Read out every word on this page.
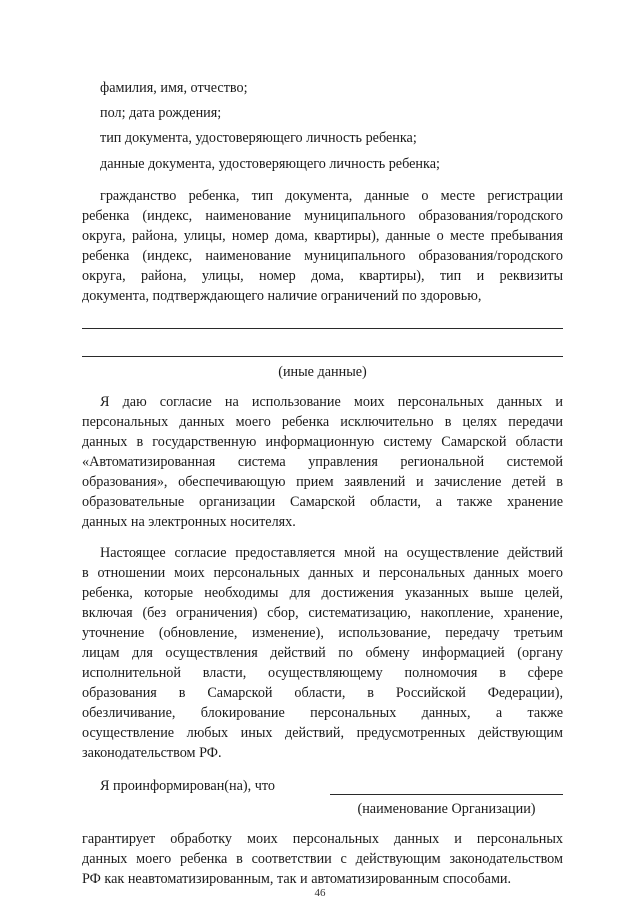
фамилия, имя, отчество;
пол; дата рождения;
тип документа, удостоверяющего личность ребенка;
данные документа, удостоверяющего личность ребенка;
гражданство ребенка, тип документа, данные о месте регистрации
ребенка (индекс, наименование муниципального образования/городского
округа, района, улицы, номер дома, квартиры), данные о месте пребывания
ребенка (индекс, наименование муниципального образования/городского
округа, района, улицы, номер дома, квартиры), тип и реквизиты
документа, подтверждающего наличие ограничений по здоровью,
(иные данные)
Я даю согласие на использование моих персональных данных и
персональных данных моего ребенка исключительно в целях передачи
данных в государственную информационную систему Самарской области
«Автоматизированная система управления региональной системой
образования», обеспечивающую прием заявлений и зачисление детей в
образовательные организации Самарской области, а также хранение
данных на электронных носителях.
Настоящее согласие предоставляется мной на осуществление действий
в отношении моих персональных данных и персональных данных моего
ребенка, которые необходимы для достижения указанных выше целей,
включая (без ограничения) сбор, систематизацию, накопление, хранение,
уточнение (обновление, изменение), использование, передачу третьим
лицам для осуществления действий по обмену информацией (органу
исполнительной власти, осуществляющему полномочия в сфере
образования в Самарской области, в Российской Федерации),
обезличивание, блокирование персональных данных, а также
осуществление любых иных действий, предусмотренных действующим
законодательством РФ.
Я проинформирован(на), что
(наименование Организации)
гарантирует обработку моих персональных данных и персональных
данных моего ребенка в соответствии с действующим законодательством
РФ как неавтоматизированным, так и автоматизированным способами.
46
